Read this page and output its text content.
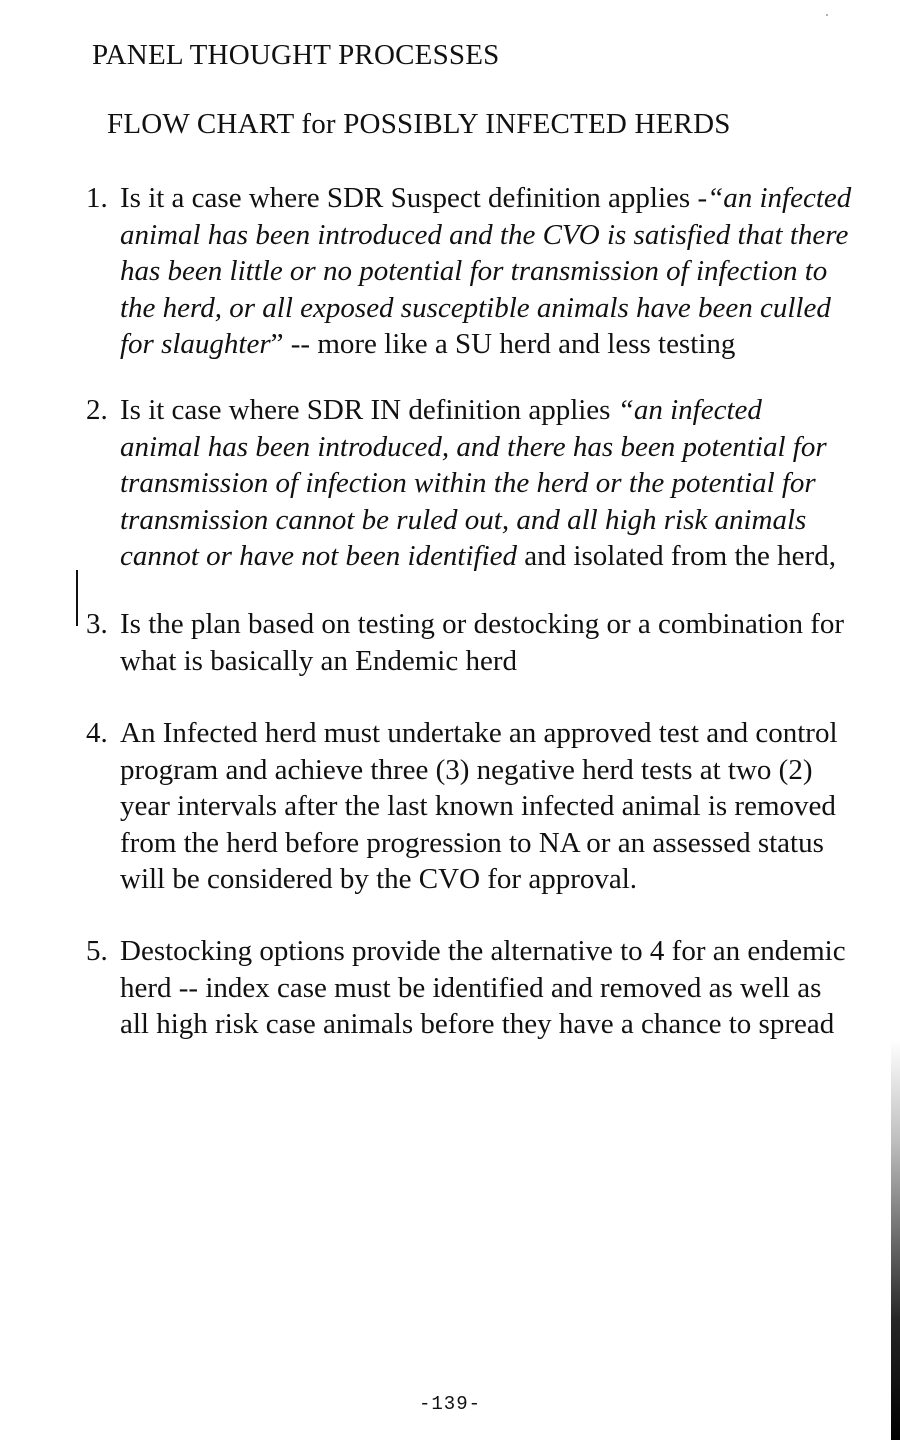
PANEL THOUGHT PROCESSES
FLOW CHART for POSSIBLY INFECTED HERDS
1. Is it a case where SDR Suspect definition applies -“an infected
animal has been introduced and the CVO is satisfied that there
has been little or no potential for transmission of infection to
the herd, or all exposed susceptible animals have been culled
for slaughter” -- more like a SU herd and less testing
2. Is it case where SDR IN definition applies “an infected
animal has been introduced, and there has been potential for
transmission of infection within the herd or the potential for
transmission cannot be ruled out, and all high risk animals
cannot or have not been identified and isolated from the herd,
3. Is the plan based on testing or destocking or a combination for
what is basically an Endemic herd
4. An Infected herd must undertake an approved test and control
program and achieve three (3) negative herd tests at two (2)
year intervals after the last known infected animal is removed
from the herd before progression to NA or an assessed status
will be considered by the CVO for approval.
5. Destocking options provide the alternative to 4 for an endemic
herd -- index case must be identified and removed as well as
all high risk case animals before they have a chance to spread
-139-
